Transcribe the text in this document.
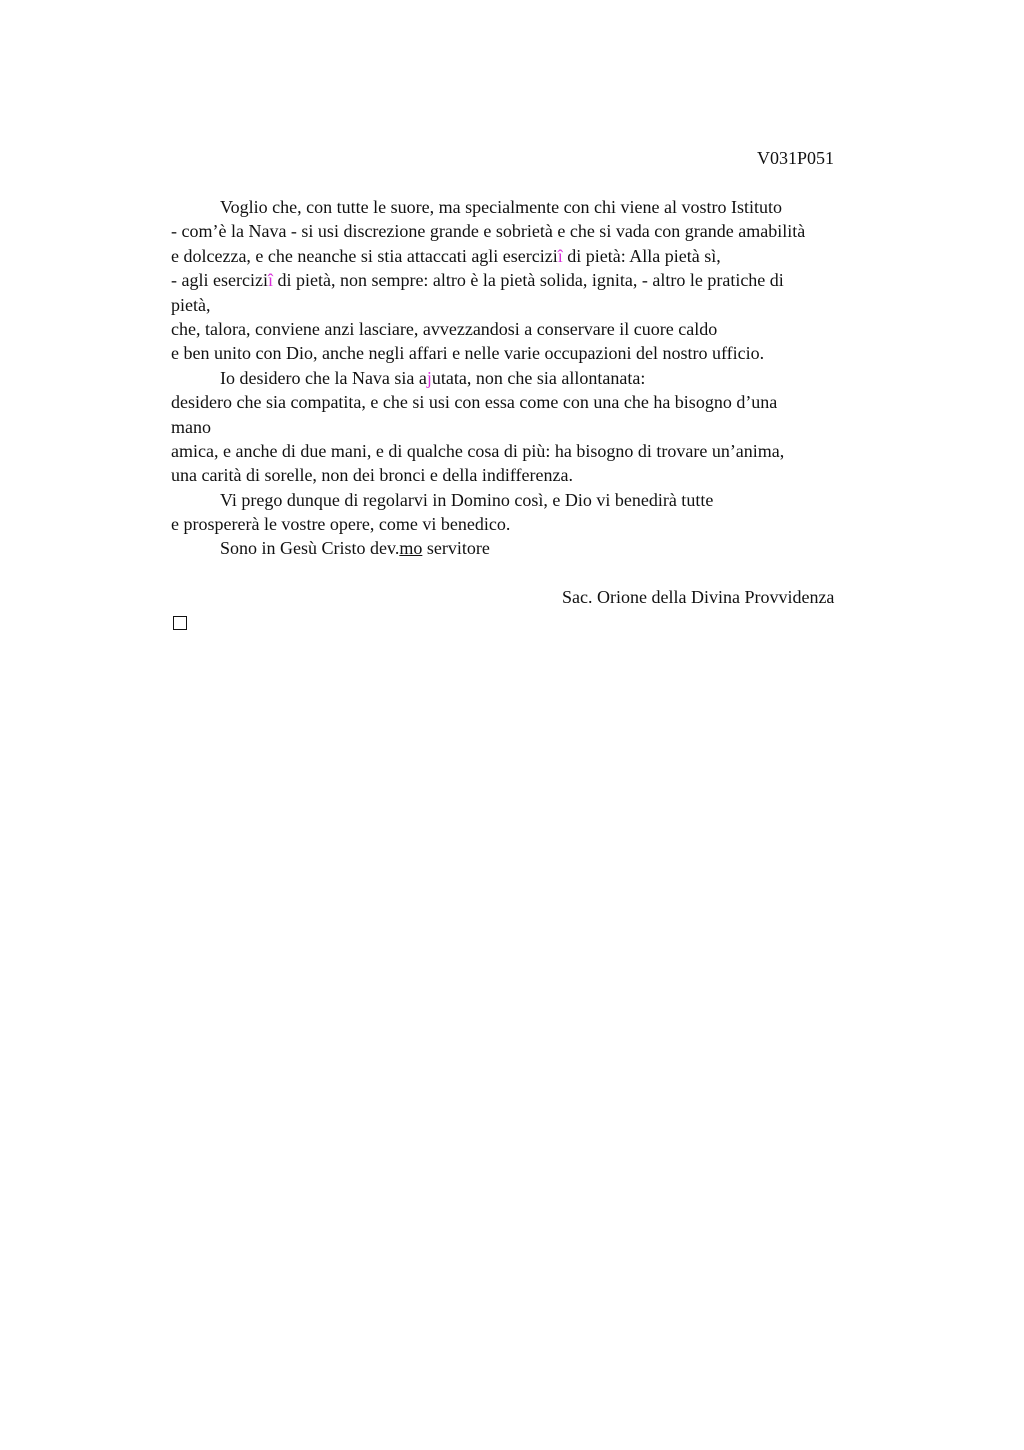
V031P051
Voglio che, con tutte le suore, ma specialmente con chi viene al vostro Istituto
- com’è la Nava - si usi discrezione grande e sobrietà e che si vada con grande amabilità
e dolcezza, e che neanche si stia attaccati agli eserciziî di pietà: Alla pietà sì,
- agli eserciziî di pietà, non sempre: altro è la pietà solida, ignita, - altro le pratiche di
pietà,
che, talora, conviene anzi lasciare, avvezzandosi a conservare il cuore caldo
e ben unito con Dio, anche negli affari e nelle varie occupazioni del nostro ufficio.
Io desidero che la Nava sia ajutata, non che sia allontanata:
desidero che sia compatita, e che si usi con essa come con una che ha bisogno d’una
mano
amica, e anche di due mani, e di qualche cosa di più: ha bisogno di trovare un’anima,
una carità di sorelle, non dei bronci e della indifferenza.
Vi prego dunque di regolarvi in Domino così, e Dio vi benedirà tutte
e prospererà le vostre opere, come vi benedico.
Sono in Gesù Cristo dev.mo servitore
Sac. Orione della Divina Provvidenza
